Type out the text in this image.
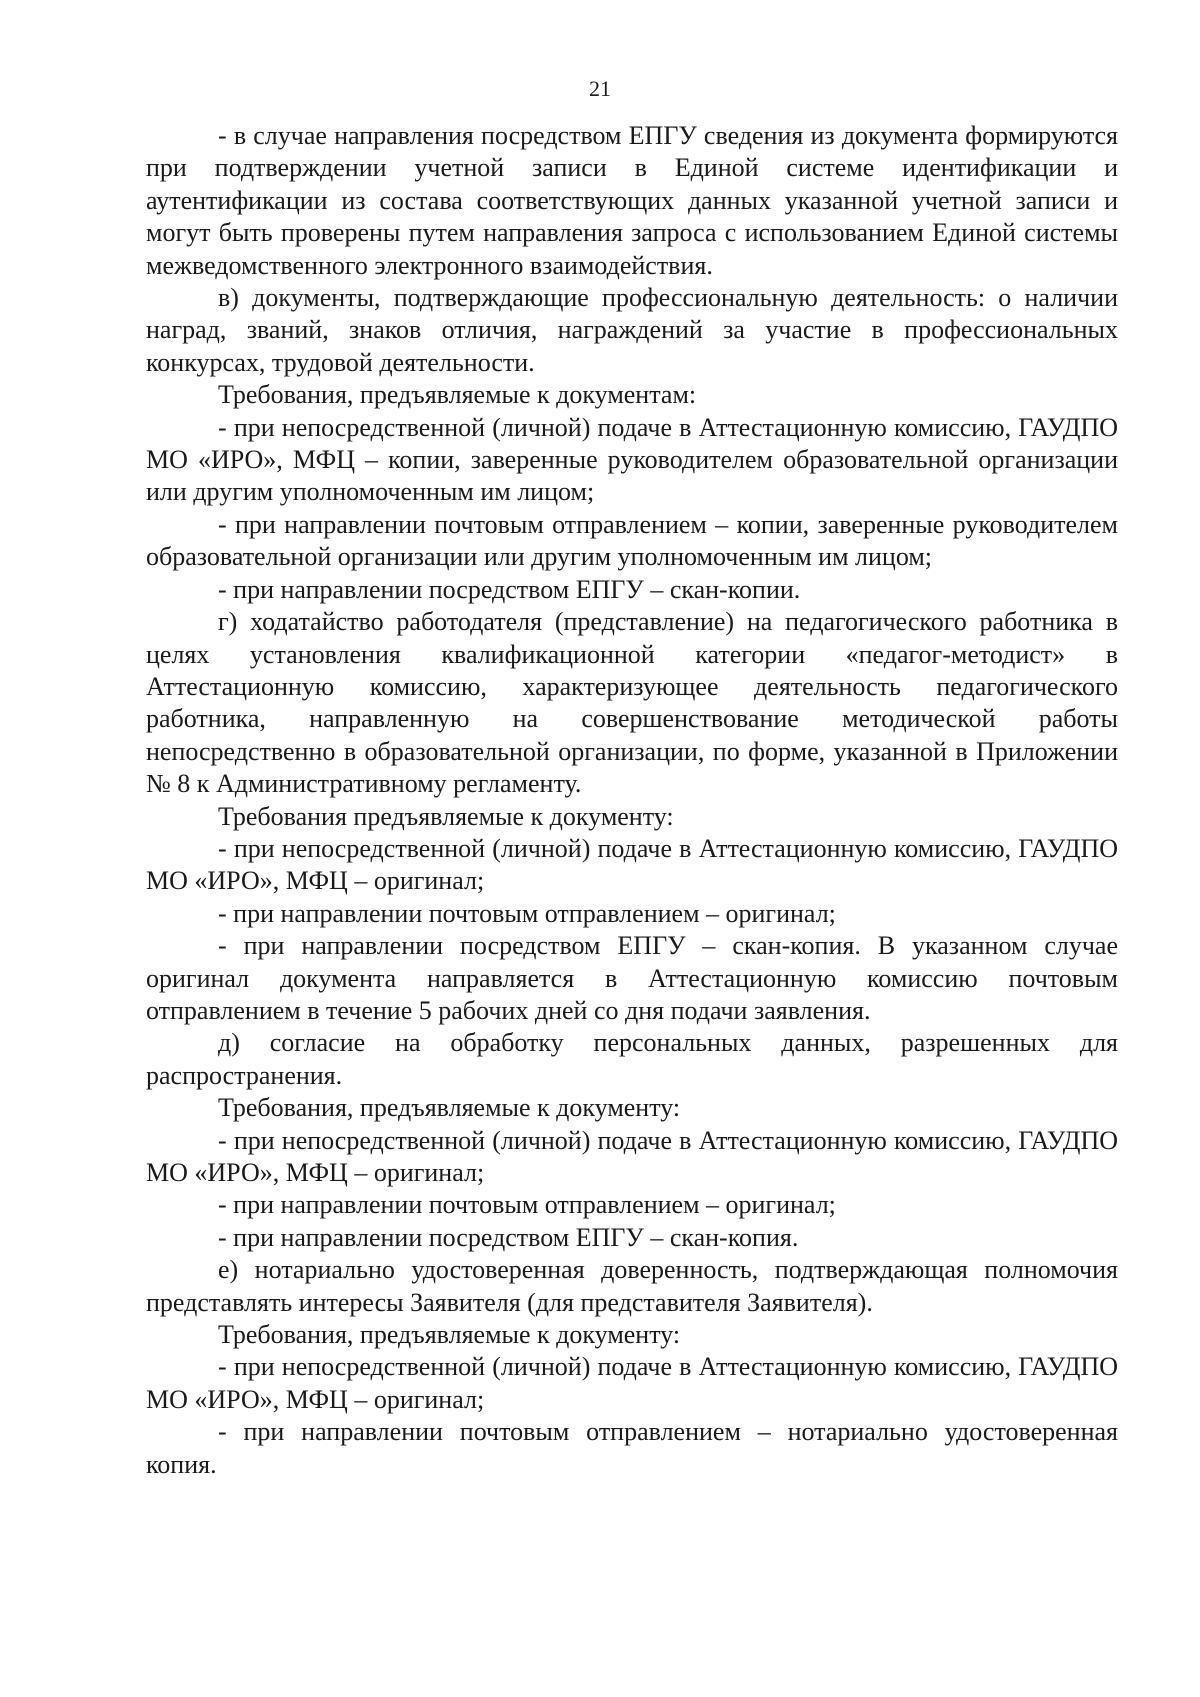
21

- в случае направления посредством ЕПГУ сведения из документа формируются при подтверждении учетной записи в Единой системе идентификации и аутентификации из состава соответствующих данных указанной учетной записи и могут быть проверены путем направления запроса с использованием Единой системы межведомственного электронного взаимодействия.

в) документы, подтверждающие профессиональную деятельность: о наличии наград, званий, знаков отличия, награждений за участие в профессиональных конкурсах, трудовой деятельности.

Требования, предъявляемые к документам:

- при непосредственной (личной) подаче в Аттестационную комиссию, ГАУДПО МО «ИРО», МФЦ – копии, заверенные руководителем образовательной организации или другим уполномоченным им лицом;

- при направлении почтовым отправлением – копии, заверенные руководителем образовательной организации или другим уполномоченным им лицом;

- при направлении посредством ЕПГУ – скан-копии.

г) ходатайство работодателя (представление) на педагогического работника в целях установления квалификационной категории «педагог-методист» в Аттестационную комиссию, характеризующее деятельность педагогического работника, направленную на совершенствование методической работы непосредственно в образовательной организации, по форме, указанной в Приложении № 8 к Административному регламенту.

Требования предъявляемые к документу:

- при непосредственной (личной) подаче в Аттестационную комиссию, ГАУДПО МО «ИРО», МФЦ – оригинал;

- при направлении почтовым отправлением – оригинал;

- при направлении посредством ЕПГУ – скан-копия. В указанном случае оригинал документа направляется в Аттестационную комиссию почтовым отправлением в течение 5 рабочих дней со дня подачи заявления.

д) согласие на обработку персональных данных, разрешенных для распространения.

Требования, предъявляемые к документу:

- при непосредственной (личной) подаче в Аттестационную комиссию, ГАУДПО МО «ИРО», МФЦ – оригинал;

- при направлении почтовым отправлением – оригинал;

- при направлении посредством ЕПГУ – скан-копия.

е) нотариально удостоверенная доверенность, подтверждающая полномочия представлять интересы Заявителя (для представителя Заявителя).

Требования, предъявляемые к документу:

- при непосредственной (личной) подаче в Аттестационную комиссию, ГАУДПО МО «ИРО», МФЦ – оригинал;

- при направлении почтовым отправлением – нотариально удостоверенная копия.
